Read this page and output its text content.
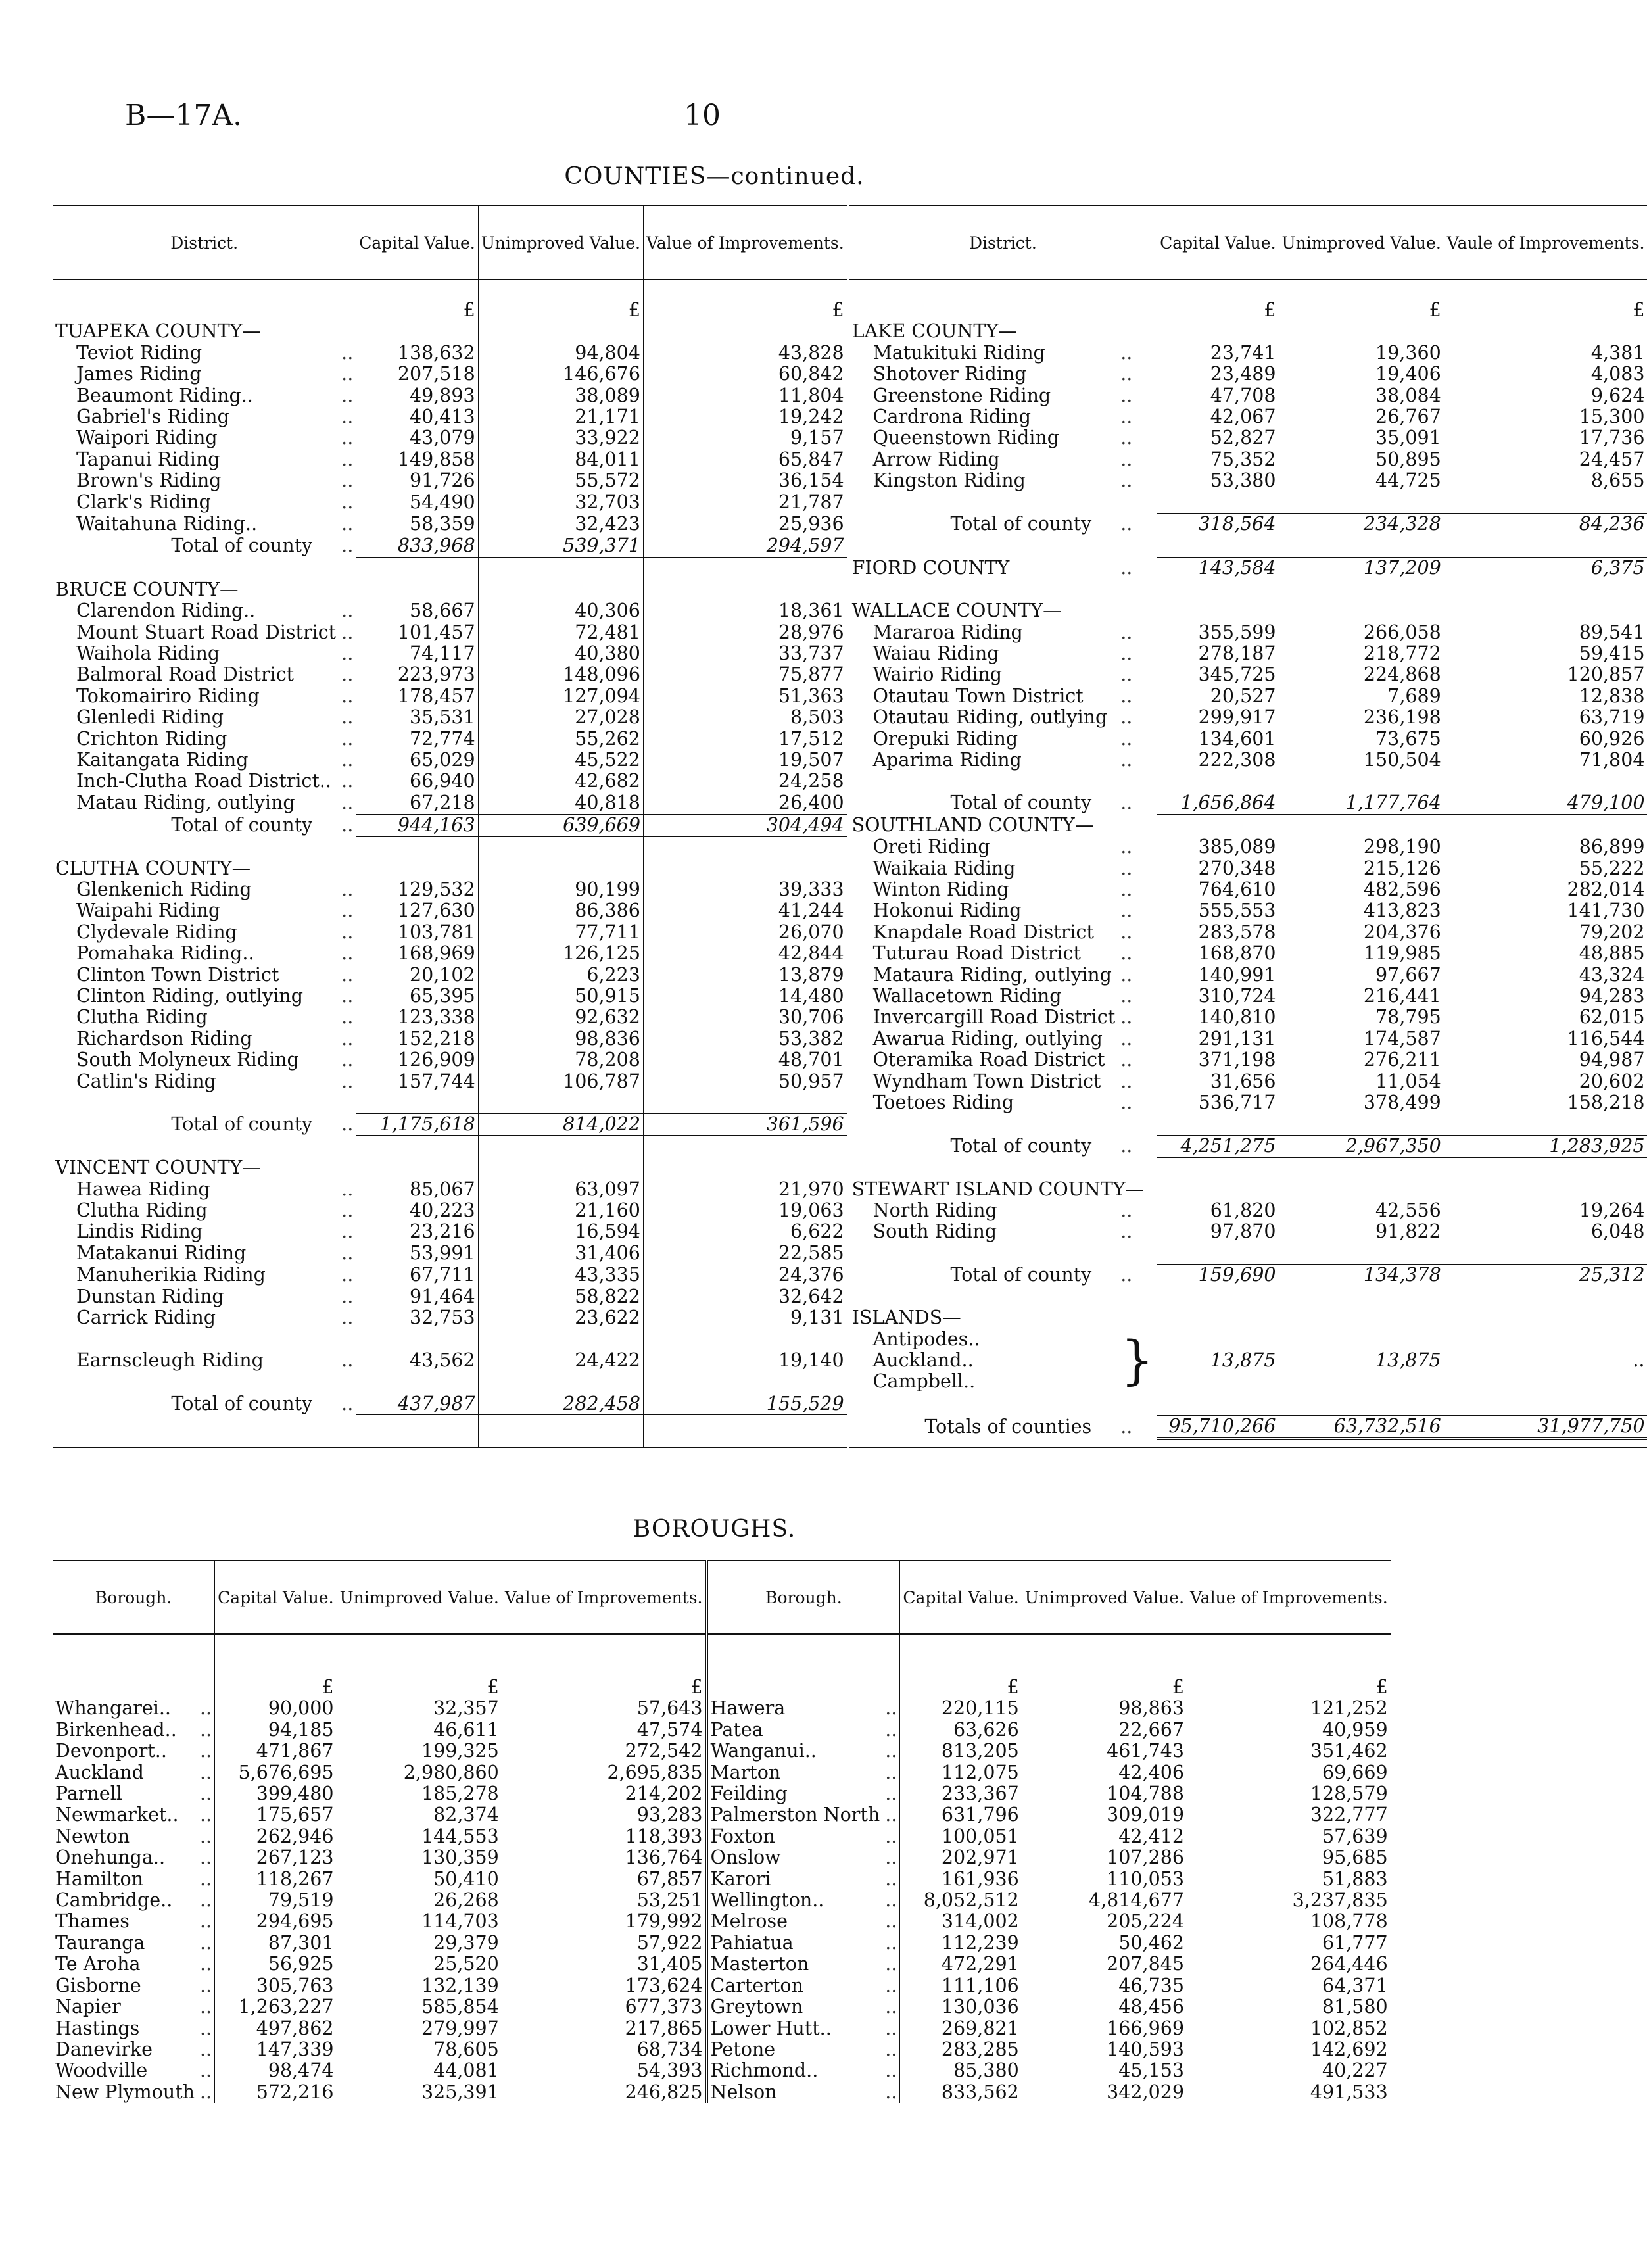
B—17A.	10
COUNTIES—continued.
District.		Capital Value.	Unimproved Value.	Value of Improvements.	District.		Capital Value.	Unimproved Value.	Vaule of Improvements.
		£	£	£			£	£	£
TUAPEKA COUNTY—					LAKE COUNTY—				
Teviot Riding	..	138,632	94,804	43,828	Matukituki Riding	..	23,741	19,360	4,381
James Riding	..	207,518	146,676	60,842	Shotover Riding	..	23,489	19,406	4,083
Beaumont Riding..	..	49,893	38,089	11,804	Greenstone Riding	..	47,708	38,084	9,624
Gabriel's Riding	..	40,413	21,171	19,242	Cardrona Riding	..	42,067	26,767	15,300
Waipori Riding	..	43,079	33,922	9,157	Queenstown Riding	..	52,827	35,091	17,736
Tapanui Riding	..	149,858	84,011	65,847	Arrow Riding	..	75,352	50,895	24,457
Brown's Riding	..	91,726	55,572	36,154	Kingston Riding	..	53,380	44,725	8,655
Clark's Riding	..	54,490	32,703	21,787					
Waitahuna Riding..	..	58,359	32,423	25,936	Total of county	..	318,564	234,328	84,236

Total of county	..	833,968	539,371	294,597					
					FIORD COUNTY	..	143,584	137,209	6,375
BRUCE COUNTY—									
Clarendon Riding..	..	58,667	40,306	18,361	WALLACE COUNTY—				
Mount Stuart Road District	..	101,457	72,481	28,976	Mararoa Riding	..	355,599	266,058	89,541
Waihola Riding	..	74,117	40,380	33,737	Waiau Riding	..	278,187	218,772	59,415
Balmoral Road District	..	223,973	148,096	75,877	Wairio Riding	..	345,725	224,868	120,857
Tokomairiro Riding	..	178,457	127,094	51,363	Otautau Town District	..	20,527	7,689	12,838
Glenledi Riding	..	35,531	27,028	8,503	Otautau Riding, outlying	..	299,917	236,198	63,719
Crichton Riding	..	72,774	55,262	17,512	Orepuki Riding	..	134,601	73,675	60,926
Kaitangata Riding	..	65,029	45,522	19,507	Aparima Riding	..	222,308	150,504	71,804
Inch-Clutha Road District..	..	66,940	42,682	24,258					
Matau Riding, outlying	..	67,218	40,818	26,400	Total of county	..	1,656,864	1,177,764	479,100

Total of county	..	944,163	639,669	304,494	SOUTHLAND COUNTY—				
					Oreti Riding	..	385,089	298,190	86,899
CLUTHA COUNTY—					Waikaia Riding	..	270,348	215,126	55,222
Glenkenich Riding	..	129,532	90,199	39,333	Winton Riding	..	764,610	482,596	282,014
Waipahi Riding	..	127,630	86,386	41,244	Hokonui Riding	..	555,553	413,823	141,730
Clydevale Riding	..	103,781	77,711	26,070	Knapdale Road District	..	283,578	204,376	79,202
Pomahaka Riding..	..	168,969	126,125	42,844	Tuturau Road District	..	168,870	119,985	48,885
Clinton Town District	..	20,102	6,223	13,879	Mataura Riding, outlying	..	140,991	97,667	43,324
Clinton Riding, outlying	..	65,395	50,915	14,480	Wallacetown Riding	..	310,724	216,441	94,283
Clutha Riding	..	123,338	92,632	30,706	Invercargill Road District	..	140,810	78,795	62,015
Richardson Riding	..	152,218	98,836	53,382	Awarua Riding, outlying	..	291,131	174,587	116,544
South Molyneux Riding	..	126,909	78,208	48,701	Oteramika Road District	..	371,198	276,211	94,987
Catlin's Riding	..	157,744	106,787	50,957	Wyndham Town District	..	31,656	11,054	20,602
					Toetoes Riding	..	536,717	378,499	158,218
Total of county	..	1,175,618	814,022	361,596					
					Total of county	..	4,251,275	2,967,350	1,283,925
VINCENT COUNTY—									
Hawea Riding	..	85,067	63,097	21,970	STEWART ISLAND COUNTY—				
Clutha Riding	..	40,223	21,160	19,063	North Riding	..	61,820	42,556	19,264
Lindis Riding	..	23,216	16,594	6,622	South Riding	..	97,870	91,822	6,048
Matakanui Riding	..	53,991	31,406	22,585					
Manuherikia Riding	..	67,711	43,335	24,376	Total of county	..	159,690	134,378	25,312
Dunstan Riding	..	91,464	58,822	32,642					
Carrick Riding	..	32,753	23,622	9,131	ISLANDS—				
Earnscleugh Riding	..	43,562	24,422	19,140	Antipodes..
Auckland..
Campbell..	}	13,875	13,875	..

Total of county	..	437,987	282,458	155,529					

					Totals of counties	..	95,710,266	63,732,516	31,977,750

BOROUGHS.
Borough.		Capital Value.	Unimproved Value.	Value of Improvements.	Borough.		Capital Value.	Unimproved Value.	Value of Improvements.
		£	£	£			£	£	£
Whangarei..	..	90,000	32,357	57,643	Hawera	..	220,115	98,863	121,252
Birkenhead..	..	94,185	46,611	47,574	Patea	..	63,626	22,667	40,959
Devonport..	..	471,867	199,325	272,542	Wanganui..	..	813,205	461,743	351,462
Auckland	..	5,676,695	2,980,860	2,695,835	Marton	..	112,075	42,406	69,669
Parnell	..	399,480	185,278	214,202	Feilding	..	233,367	104,788	128,579
Newmarket..	..	175,657	82,374	93,283	Palmerston North	..	631,796	309,019	322,777
Newton	..	262,946	144,553	118,393	Foxton	..	100,051	42,412	57,639
Onehunga..	..	267,123	130,359	136,764	Onslow	..	202,971	107,286	95,685
Hamilton	..	118,267	50,410	67,857	Karori	..	161,936	110,053	51,883
Cambridge..	..	79,519	26,268	53,251	Wellington..	..	8,052,512	4,814,677	3,237,835
Thames	..	294,695	114,703	179,992	Melrose	..	314,002	205,224	108,778
Tauranga	..	87,301	29,379	57,922	Pahiatua	..	112,239	50,462	61,777
Te Aroha	..	56,925	25,520	31,405	Masterton	..	472,291	207,845	264,446
Gisborne	..	305,763	132,139	173,624	Carterton	..	111,106	46,735	64,371
Napier	..	1,263,227	585,854	677,373	Greytown	..	130,036	48,456	81,580
Hastings	..	497,862	279,997	217,865	Lower Hutt..	..	269,821	166,969	102,852
Danevirke	..	147,339	78,605	68,734	Petone	..	283,285	140,593	142,692
Woodville	..	98,474	44,081	54,393	Richmond..	..	85,380	45,153	40,227
New Plymouth	..	572,216	325,391	246,825	Nelson	..	833,562	342,029	491,533
